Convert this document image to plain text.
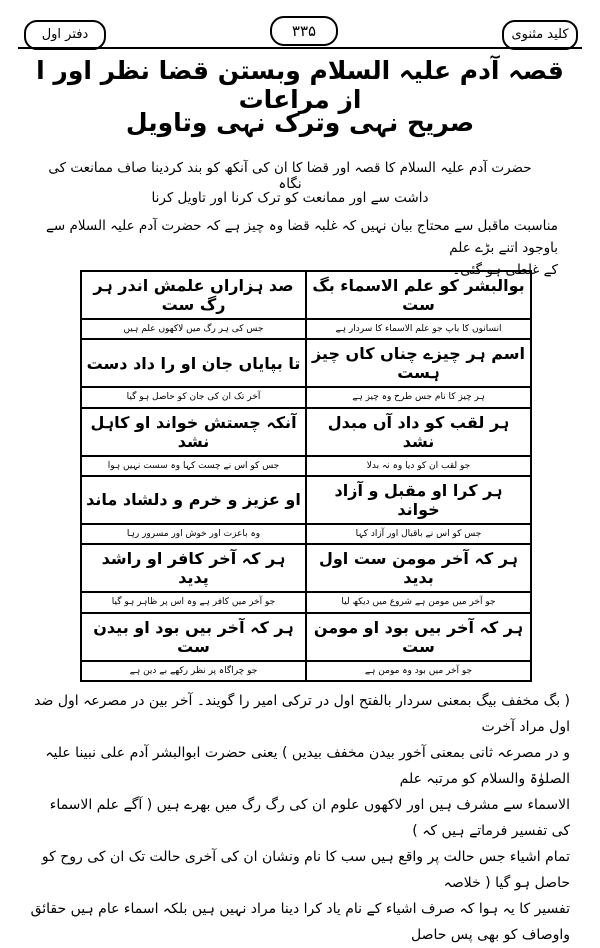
کلید مثنوی
۳۳۵
دفتر اول
قصہ آدم علیہ السلام وبستن قضا نظر اور ا از مراعات
صریح نہی وترک نہی وتاویل
حضرت آدم علیہ السلام کا قصہ اور قضا کا ان کی آنکھ کو بند کردینا صاف ممانعت کی نگاہ
داشت سے اور ممانعت کو ترک کرنا اور تاویل کرنا
مناسبت ماقبل سے محتاج بیان نہیں کہ غلبہ قضا وہ چیز ہے کہ حضرت آدم علیہ السلام سے باوجود اتنے بڑے علم
کے غلطی ہو گئی۔
بوالبشر کو علم الاسماء بگ ست	صد ہزاراں علمش اندر ہر رگ ست
انسانوں کا باپ جو علم الاسماء کا سردار ہے	جس کی ہر رگ میں لاکھوں علم ہیں
اسم ہر چیزے چناں کاں چیز ہست	تا بپایاں جان او را داد دست
ہر چیز کا نام جس طرح وہ چیز ہے	آخر تک ان کی جان کو حاصل ہو گیا
ہر لقب کو داد آں مبدل نشد	آنکہ چستش خواند او کاہل نشد
جو لقب ان کو دیا وہ نہ بدلا	جس کو اس نے چست کہا وہ سست نہیں ہوا
ہر کرا او مقبل و آزاد خواند	او عزیز و خرم و دلشاد ماند
جس کو اس نے باقبال اور آزاد کہا	وہ باعزت اور خوش اور مسرور رہا
ہر کہ آخر مومن ست اول بدید	ہر کہ آخر کافر او راشد پدید
جو آخر میں مومن ہے شروع میں دیکھ لیا	جو آخر میں کافر ہے وہ اس پر ظاہر ہو گیا
ہر کہ آخر بیں بود او مومن ست	ہر کہ آخر بیں بود او بیدن ست
جو آخر میں بود وہ مومن ہے	جو چراگاہ پر نظر رکھے بے دین ہے
( بگ مخفف بیگ بمعنی سردار بالفتح اول در ترکی امیر را گویند۔ آخر بین در مصرعہ اول ضد اول مراد آخرت
و در مصرعہ ثانی بمعنی آخور بیدن مخفف بیدیں ) یعنی حضرت ابوالبشر آدم علی نبینا علیہ الصلوٰۃ والسلام کو مرتبہ علم
الاسماء سے مشرف ہیں اور لاکھوں علوم ان کی رگ رگ میں بھرے ہیں ( آگے علم الاسماء کی تفسیر فرماتے ہیں کہ )
تمام اشیاء جس حالت پر واقع ہیں سب کا نام ونشان ان کی آخری حالت تک ان کی روح کو حاصل ہو گیا ( خلاصہ
تفسیر کا یہ ہوا کہ صرف اشیاء کے نام یاد کرا دینا مراد نہیں ہیں بلکہ اسماء عام ہیں حقائق واوصاف کو بھی پس حاصل
